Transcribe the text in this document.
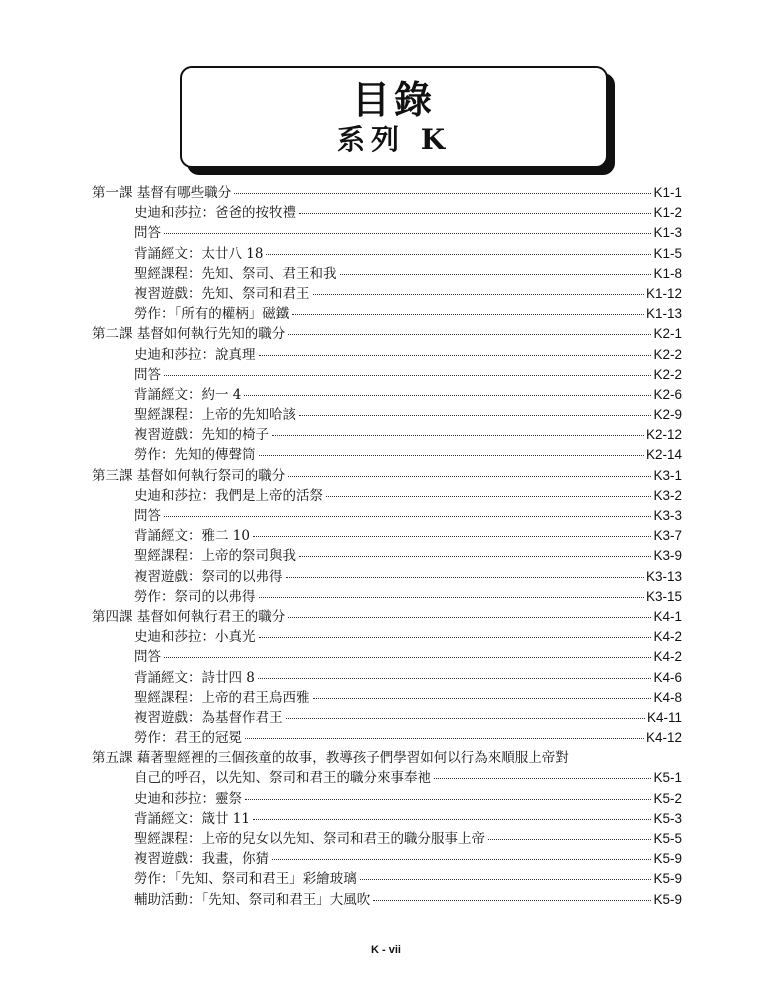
目錄
系列 K
第一課 基督有哪些職分	K1-1
史迪和莎拉：爸爸的按牧禮	K1-2
問答	K1-3
背誦經文：太廿八 18	K1-5
聖經課程：先知、祭司、君王和我	K1-8
複習遊戲：先知、祭司和君王	K1-12
勞作：「所有的權柄」磁鐵	K1-13
第二課 基督如何執行先知的職分	K2-1
史迪和莎拉：說真理	K2-2
問答	K2-2
背誦經文：約一 4	K2-6
聖經課程：上帝的先知哈該	K2-9
複習遊戲：先知的椅子	K2-12
勞作：先知的傳聲筒	K2-14
第三課 基督如何執行祭司的職分	K3-1
史迪和莎拉：我們是上帝的活祭	K3-2
問答	K3-3
背誦經文：雅二 10	K3-7
聖經課程：上帝的祭司與我	K3-9
複習遊戲：祭司的以弗得	K3-13
勞作：祭司的以弗得	K3-15
第四課 基督如何執行君王的職分	K4-1
史迪和莎拉：小真光	K4-2
問答	K4-2
背誦經文：詩廿四 8	K4-6
聖經課程：上帝的君王烏西雅	K4-8
複習遊戲：為基督作君王	K4-11
勞作：君王的冠冕	K4-12
第五課 藉著聖經裡的三個孩童的故事，教導孩子們學習如何以行為來順服上帝對
自己的呼召，以先知、祭司和君王的職分來事奉祂	K5-1
史迪和莎拉：靈祭	K5-2
背誦經文：箴廿 11	K5-3
聖經課程：上帝的兒女以先知、祭司和君王的職分服事上帝	K5-5
複習遊戲：我畫，你猜	K5-9
勞作：「先知、祭司和君王」彩繪玻璃	K5-9
輔助活動：「先知、祭司和君王」大風吹	K5-9
K - vii
